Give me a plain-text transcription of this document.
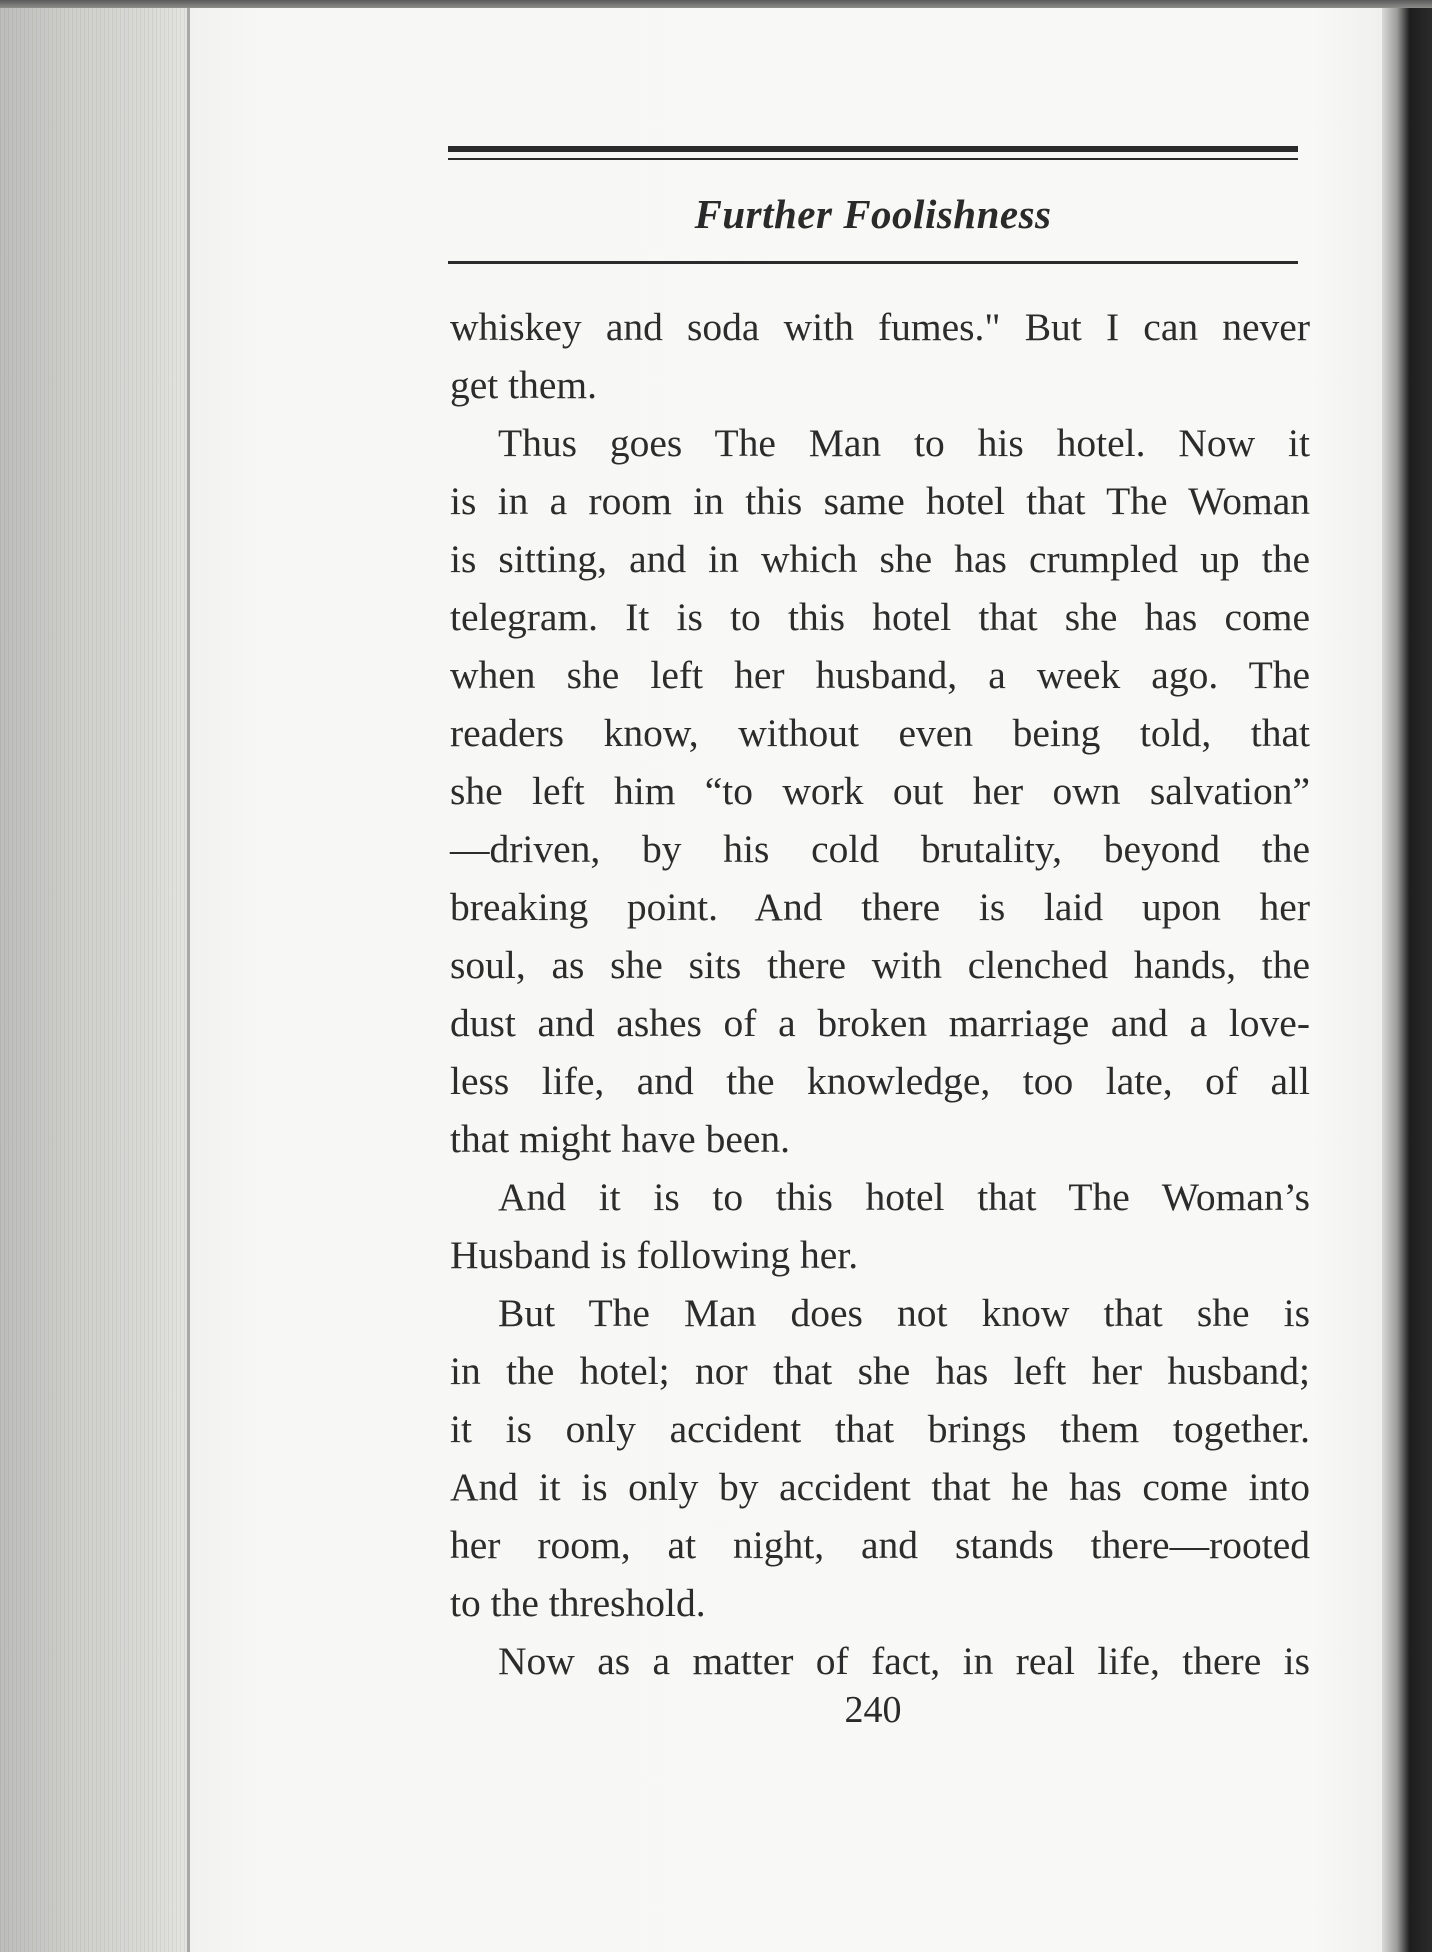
Further Foolishness
whiskey and soda with fumes." But I can never
get them.
Thus goes The Man to his hotel. Now it
is in a room in this same hotel that The Woman
is sitting, and in which she has crumpled up the
telegram. It is to this hotel that she has come
when she left her husband, a week ago. The
readers know, without even being told, that
she left him “to work out her own salvation”
—driven, by his cold brutality, beyond the
breaking point. And there is laid upon her
soul, as she sits there with clenched hands, the
dust and ashes of a broken marriage and a love-
less life, and the knowledge, too late, of all
that might have been.
And it is to this hotel that The Woman’s
Husband is following her.
But The Man does not know that she is
in the hotel; nor that she has left her husband;
it is only accident that brings them together.
And it is only by accident that he has come into
her room, at night, and stands there—rooted
to the threshold.
Now as a matter of fact, in real life, there is
240
